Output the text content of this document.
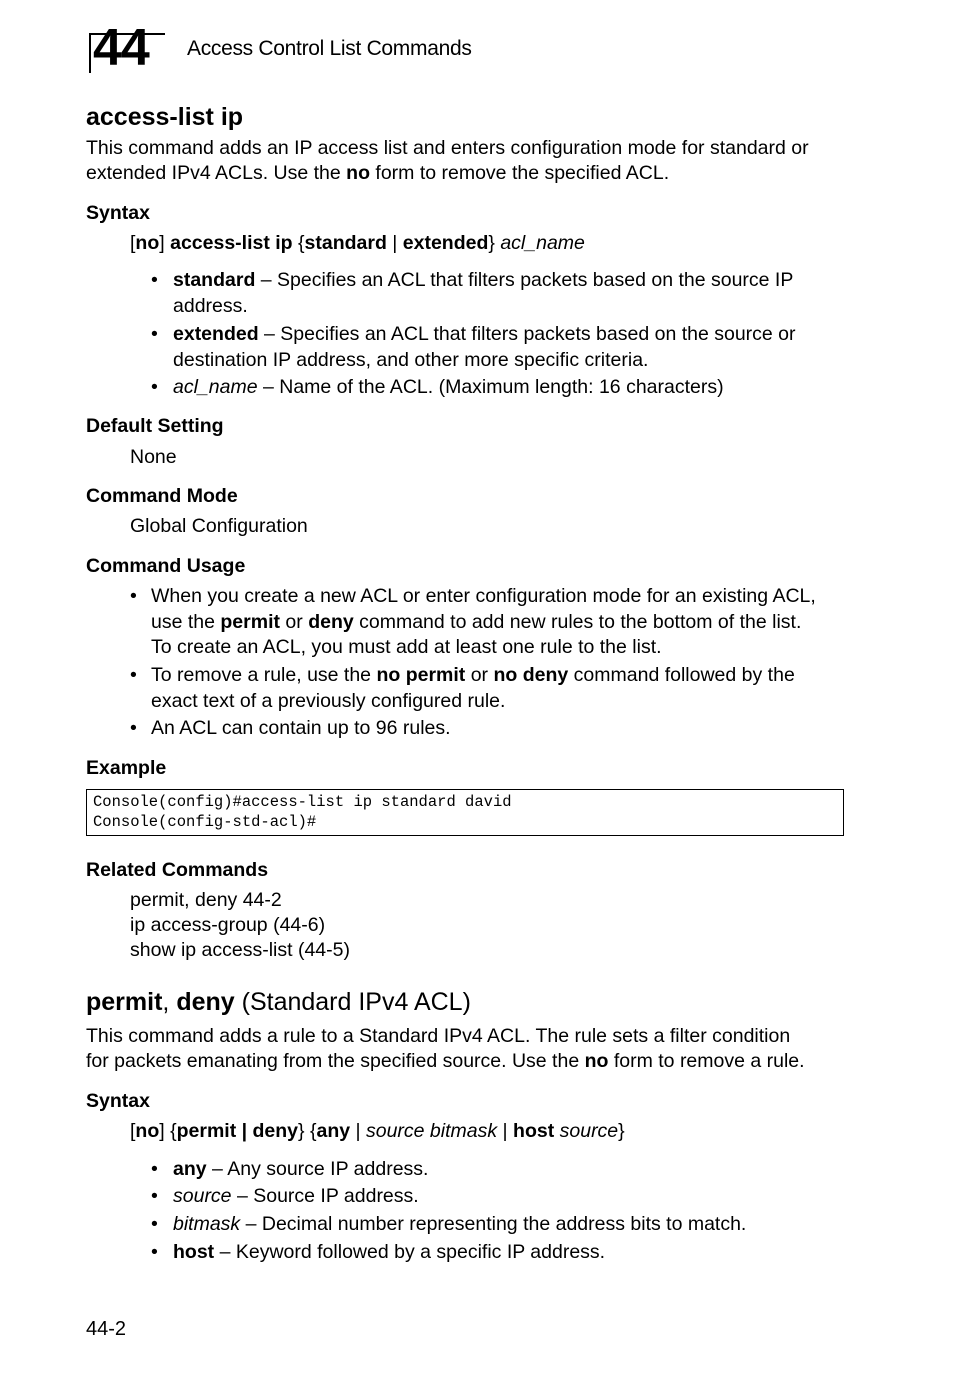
44 Access Control List Commands
access-list ip
This command adds an IP access list and enters configuration mode for standard or
extended IPv4 ACLs. Use the no form to remove the specified ACL.
Syntax
[no] access-list ip {standard | extended} acl_name
• standard – Specifies an ACL that filters packets based on the source IP
address.
• extended – Specifies an ACL that filters packets based on the source or
destination IP address, and other more specific criteria.
• acl_name – Name of the ACL. (Maximum length: 16 characters)
Default Setting
None
Command Mode
Global Configuration
Command Usage
• When you create a new ACL or enter configuration mode for an existing ACL,
use the permit or deny command to add new rules to the bottom of the list.
To create an ACL, you must add at least one rule to the list.
• To remove a rule, use the no permit or no deny command followed by the
exact text of a previously configured rule.
• An ACL can contain up to 96 rules.
Example
Console(config)#access-list ip standard david
Console(config-std-acl)#
Related Commands
permit, deny 44-2
ip access-group (44-6)
show ip access-list (44-5)
permit, deny (Standard IPv4 ACL)
This command adds a rule to a Standard IPv4 ACL. The rule sets a filter condition
for packets emanating from the specified source. Use the no form to remove a rule.
Syntax
[no] {permit | deny} {any | source bitmask | host source}
• any – Any source IP address.
• source – Source IP address.
• bitmask – Decimal number representing the address bits to match.
• host – Keyword followed by a specific IP address.
44-2
